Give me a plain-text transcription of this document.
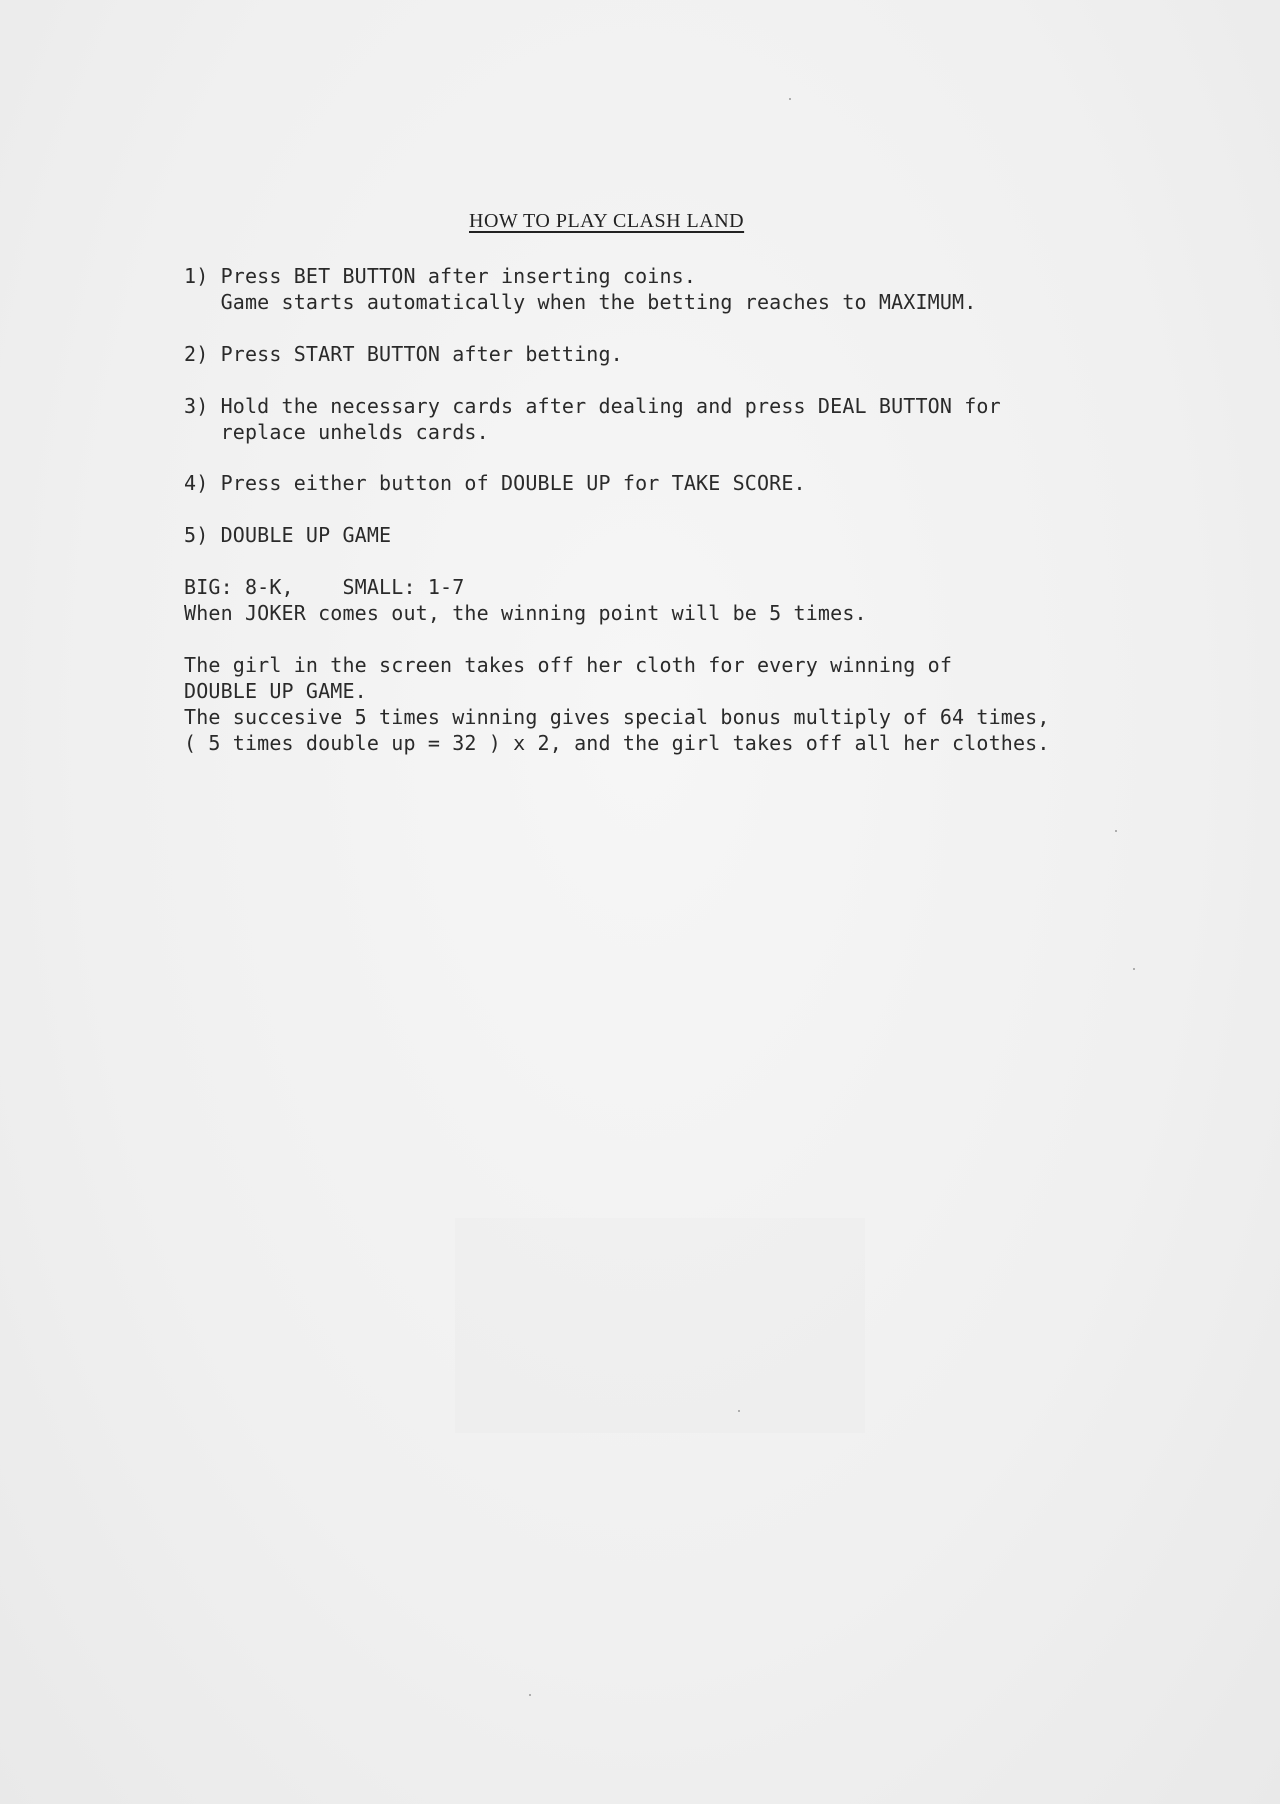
HOW TO PLAY CLASH LAND
1) Press BET BUTTON after inserting coins.
Game starts automatically when the betting reaches to MAXIMUM.
2) Press START BUTTON after betting.
3) Hold the necessary cards after dealing and press DEAL BUTTON for
replace unhelds cards.
4) Press either button of DOUBLE UP for TAKE SCORE.
5) DOUBLE UP GAME
BIG: 8-K,    SMALL: 1-7
When JOKER comes out, the winning point will be 5 times.
The girl in the screen takes off her cloth for every winning of
DOUBLE UP GAME.
The succesive 5 times winning gives special bonus multiply of 64 times,
( 5 times double up = 32 ) x 2, and the girl takes off all her clothes.
